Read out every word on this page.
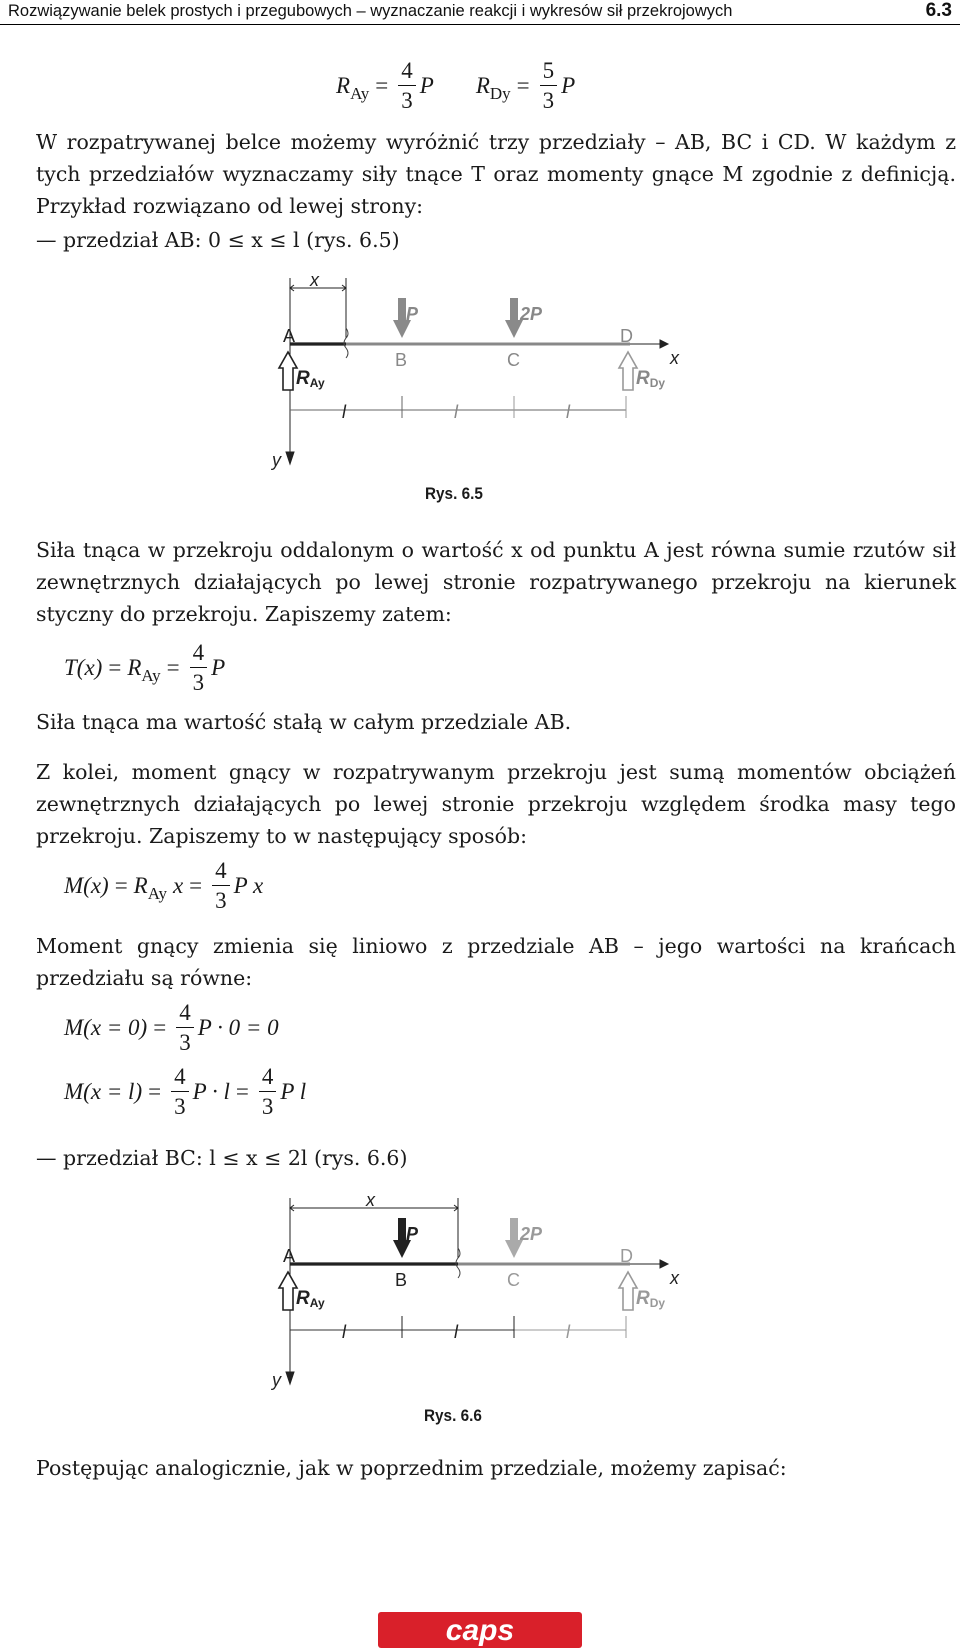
Rozwiązywanie belek prostych i przegubowych – wyznaczanie reakcji i wykresów sił przekrojowych	6.3
R $Ay = \frac{4}{3}$ P R $Dy = \frac{5}{3}$ P
W rozpatrywanej belce możemy wyróżnić trzy przedziały – AB, BC i CD. W każdym z tych przedziałów wyznaczamy siły tnące T oraz momenty gnące M zgodnie z definicją. Przykład rozwiązano od lewej strony:
— przedział AB: 0 ≤ x ≤ l (rys. 6.5)
x
A
B	C
D
P	2P
RAy	RDy
x
y
l	l	l
Rys. 6.5
Siła tnąca w przekroju oddalonym o wartość x od punktu A jest równa sumie rzutów sił zewnętrznych działających po lewej stronie rozpatrywanego przekroju na kierunek styczny do przekroju. Zapiszemy zatem:
T(x) = R $Ay = \frac{4}{3}$ P
Siła tnąca ma wartość stałą w całym przedziale AB.
Z kolei, moment gnący w rozpatrywanym przekroju jest sumą momentów obciążeń zewnętrznych działających po lewej stronie przekroju względem środka masy tego przekroju. Zapiszemy to w następujący sposób:
M(x) = R Ay $x = \frac{4}{3}$ P x
Moment gnący zmienia się liniowo z przedziale AB – jego wartości na krańcach przedziału są równe:
$M(x = 0) = \frac{4}{3}$ P · 0 = 0
$M(x = l) = \frac{4}{3}$ $P \cdot l = \frac{4}{3}$ P l
— przedział BC: l ≤ x ≤ 2l (rys. 6.6)
x
A
B	C
D
P	2P
RAy	RDy
x
y
l	l	l
Rys. 6.6
Postępując analogicznie, jak w poprzednim przedziale, możemy zapisać:
caps
